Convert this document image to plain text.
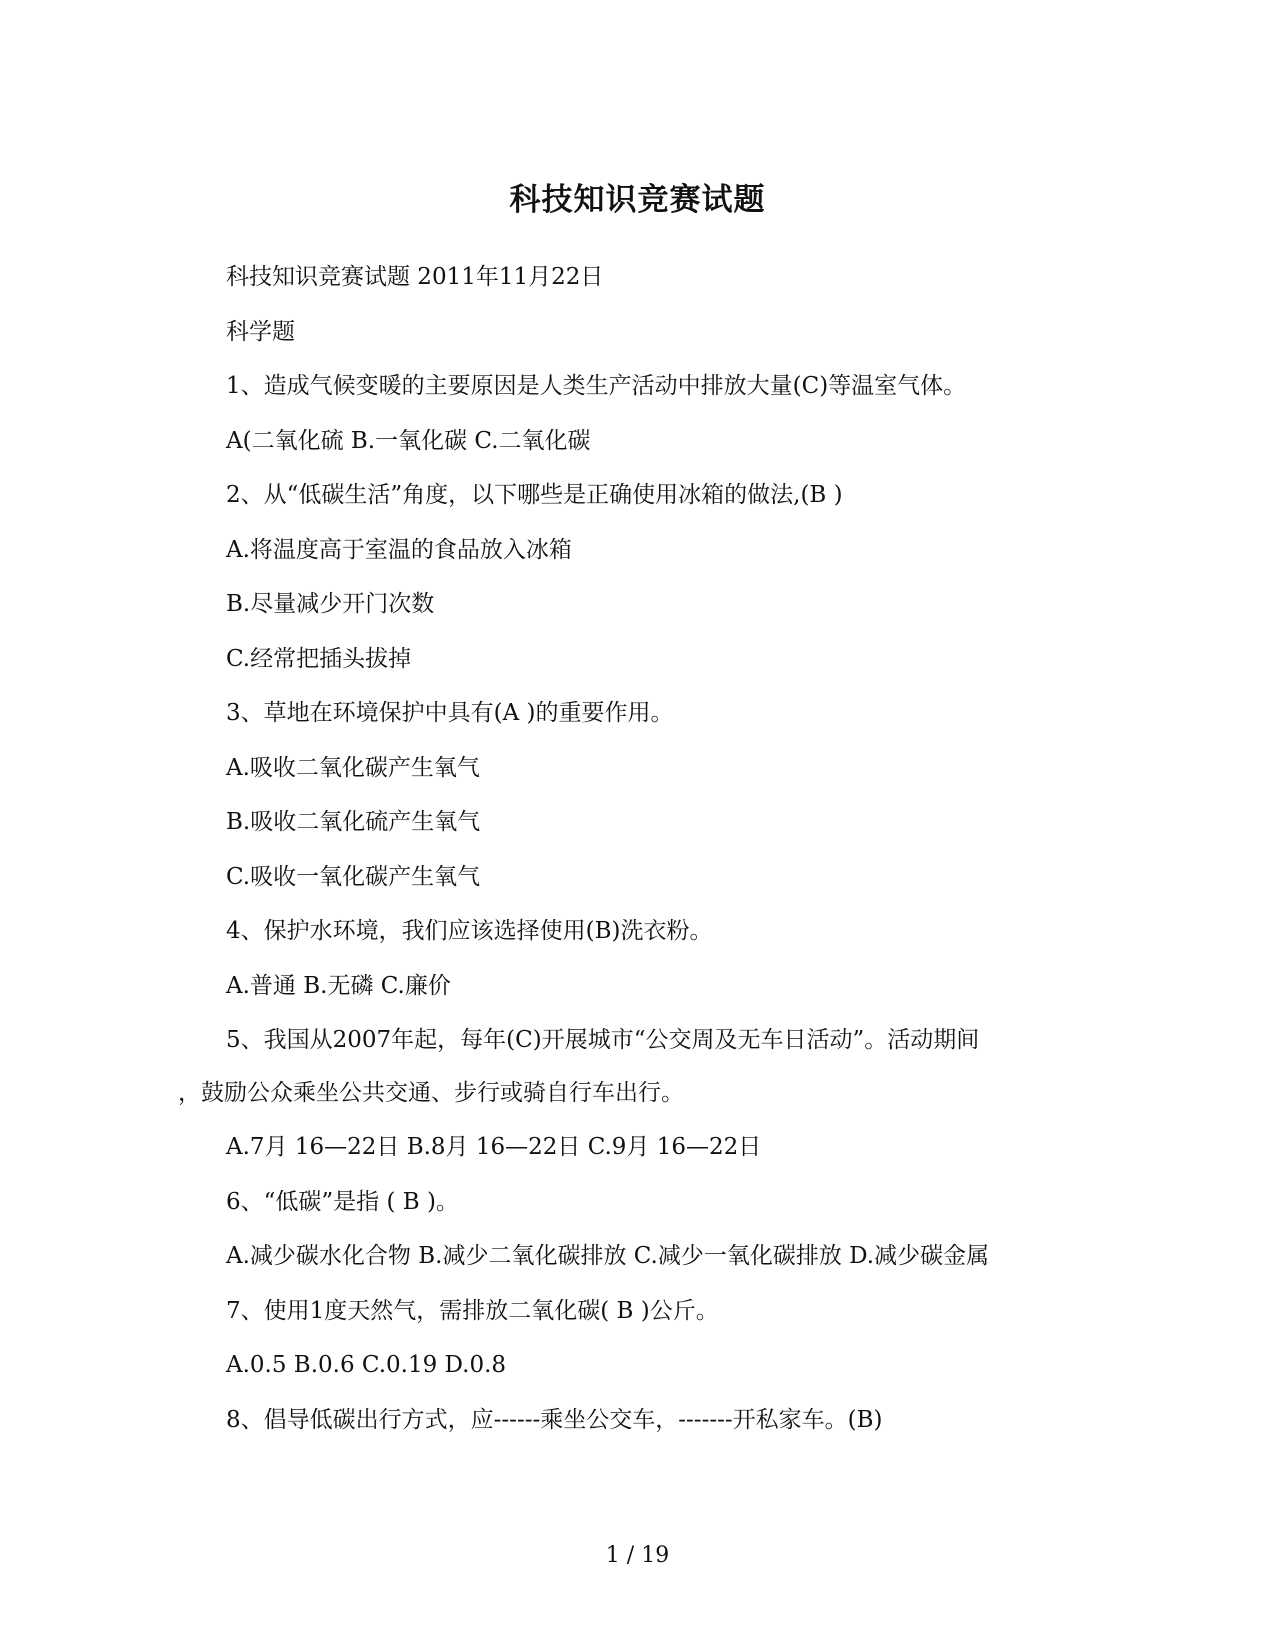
科技知识竞赛试题
科技知识竞赛试题 2011年11月22日
科学题
1、造成气候变暖的主要原因是人类生产活动中排放大量(C)等温室气体。
A(二氧化硫 B.一氧化碳 C.二氧化碳
2、从“低碳生活”角度，以下哪些是正确使用冰箱的做法,(B )
A.将温度高于室温的食品放入冰箱
B.尽量减少开门次数
C.经常把插头拔掉
3、草地在环境保护中具有(A )的重要作用。
A.吸收二氧化碳产生氧气
B.吸收二氧化硫产生氧气
C.吸收一氧化碳产生氧气
4、保护水环境，我们应该选择使用(B)洗衣粉。
A.普通 B.无磷 C.廉价
5、我国从2007年起，每年(C)开展城市“公交周及无车日活动”。活动期间
，鼓励公众乘坐公共交通、步行或骑自行车出行。
A.7月 16—22日 B.8月 16—22日 C.9月 16—22日
6、“低碳”是指 ( B )。
A.减少碳水化合物 B.减少二氧化碳排放 C.减少一氧化碳排放 D.减少碳金属
7、使用1度天然气，需排放二氧化碳( B )公斤。
A.0.5 B.0.6 C.0.19 D.0.8
8、倡导低碳出行方式，应------乘坐公交车，-------开私家车。(B)
1 / 19
